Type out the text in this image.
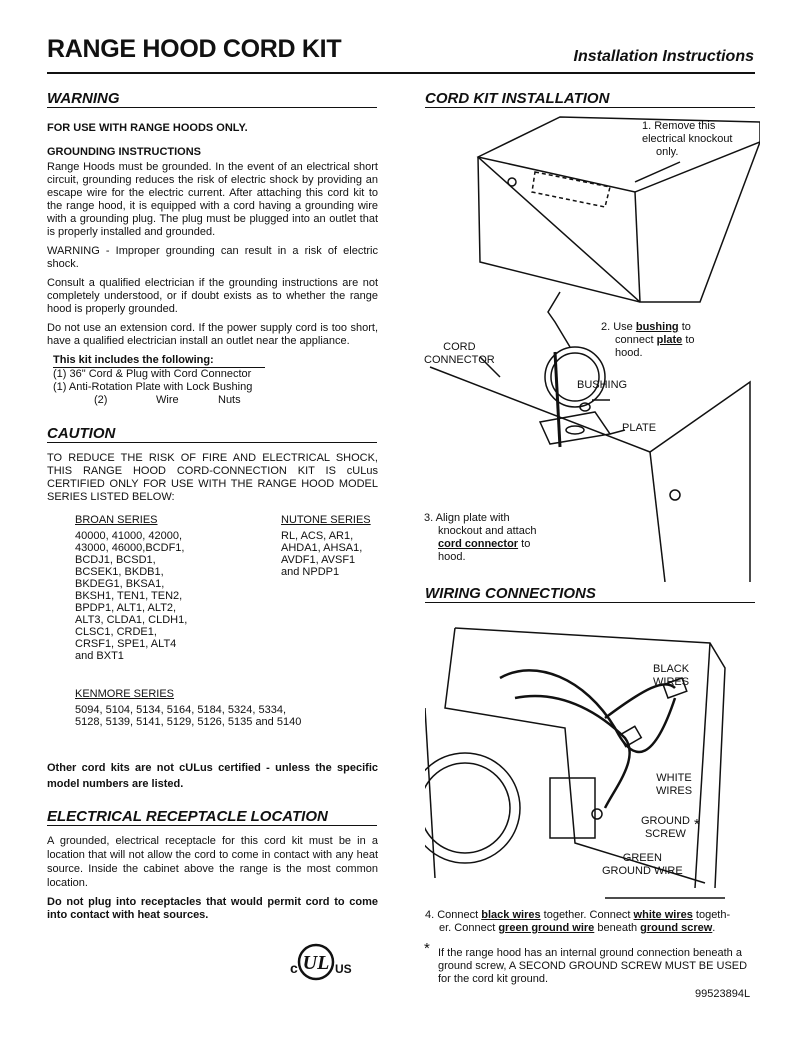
RANGE HOOD CORD KIT	Installation Instructions
WARNING

FOR USE WITH RANGE HOODS ONLY.

GROUNDING INSTRUCTIONS

Range Hoods must be grounded. In the event of an electrical short circuit, grounding reduces the risk of electric shock by providing an escape wire for the electric current. After attaching this cord kit to the range hood, it is equipped with a cord having a grounding wire with a grounding plug. The plug must be plugged into an outlet that is properly installed and grounded.

WARNING - Improper grounding can result in a risk of electric shock.

Consult a qualified electrician if the grounding instructions are not completely understood, or if doubt exists as to whether the range hood is properly grounded.

Do not use an extension cord. If the power supply cord is too short, have a qualified electrician install an outlet near the appliance.

This kit includes the following:
(1) 36" Cord & Plug with Cord Connector
(1) Anti-Rotation Plate with Lock Bushing
(2)	Wire	Nuts
CAUTION

TO REDUCE THE RISK OF FIRE AND ELECTRICAL SHOCK, THIS RANGE HOOD CORD-CONNECTION KIT IS cULus CERTIFIED ONLY FOR USE WITH THE RANGE HOOD MODEL SERIES LISTED BELOW:

BROAN SERIES
40000, 41000, 42000,
43000, 46000,BCDF1,
BCDJ1, BCSD1,
BCSEK1, BKDB1,
BKDEG1, BKSA1,
BKSH1, TEN1, TEN2,
BPDP1, ALT1, ALT2,
ALT3, CLDA1, CLDH1,
CLSC1, CRDE1,
CRSF1, SPE1, ALT4
and BXT1
NUTONE SERIES
RL, ACS, AR1,
AHDA1, AHSA1,
AVDF1, AVSF1
and NPDP1
KENMORE SERIES
5094, 5104, 5134, 5164, 5184, 5324, 5334,
5128, 5139, 5141, 5129, 5126, 5135 and 5140

Other cord kits are not cULus certified - unless the specific model numbers are listed.

ELECTRICAL RECEPTACLE LOCATION

A grounded, electrical receptacle for this cord kit must be in a location that will not allow the cord to come in contact with any heat source. Inside the cabinet above the range is the most common location.

Do not plug into receptacles that would permit cord to come into contact with heat sources.

UL
c	US
CORD KIT INSTALLATION
1. Remove this
electrical knockout
only.
2. Use bushing to
connect plate to
hood.
CORD
CONNECTOR
BUSHING
PLATE
3. Align plate with
knockout and attach
cord connector to
hood.
WIRING CONNECTIONS
BLACK
WIRES
WHITE
WIRES
GROUND
SCREW
*
GREEN
GROUND WIRE
4. Connect black wires together. Connect white wires togeth-
er. Connect green ground wire beneath ground screw.
* If the range hood has an internal ground connection beneath a ground screw, A SECOND GROUND SCREW MUST BE USED for the cord kit ground.
99523894L
